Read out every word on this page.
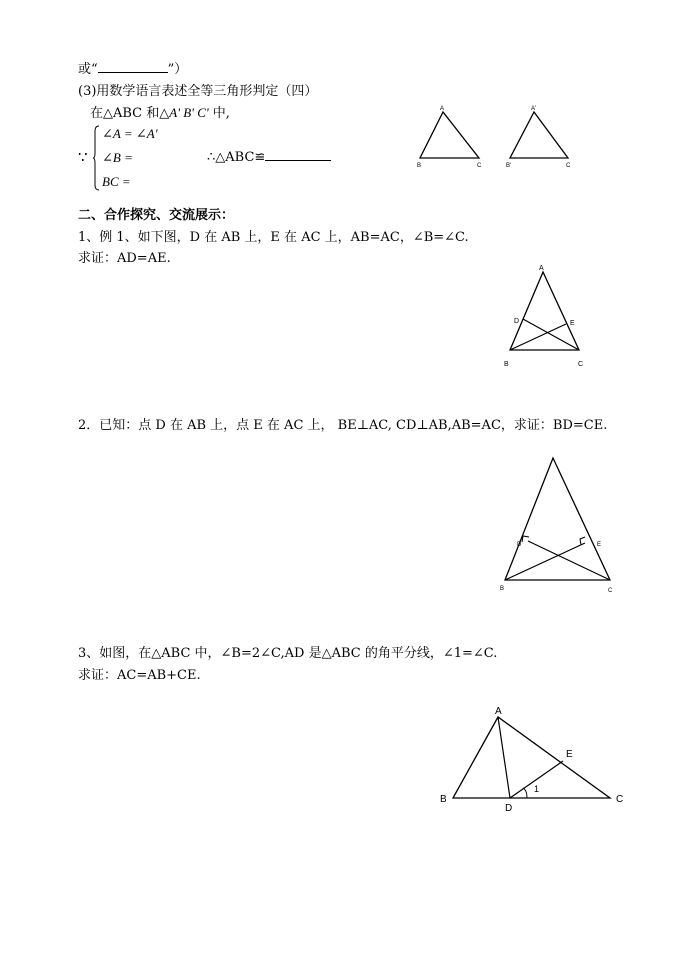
或“	”）
(3)用数学语言表述全等三角形判定（四）
在△ABC 和△A' B' C' 中,
∵
∠A = ∠A'
∠B =
BC =
∴△ABC≌
A
B	C
A'
B'	C
二、合作探究、交流展示：
1、例 1、如下图，D 在 AB 上，E 在 AC 上，AB=AC，∠B=∠C.
求证：AD=AE.
A
D	E
B	C
2．已知：点 D 在 AB 上，点 E 在 AC 上， BE⊥AC, CD⊥AB,AB=AC，求证：BD=CE.
D	E
B	C
3、如图，在△ABC 中，∠B=2∠C,AD 是△ABC 的角平分线，∠1=∠C.
求证：AC=AB+CE.
A
E
B
D
1
C
